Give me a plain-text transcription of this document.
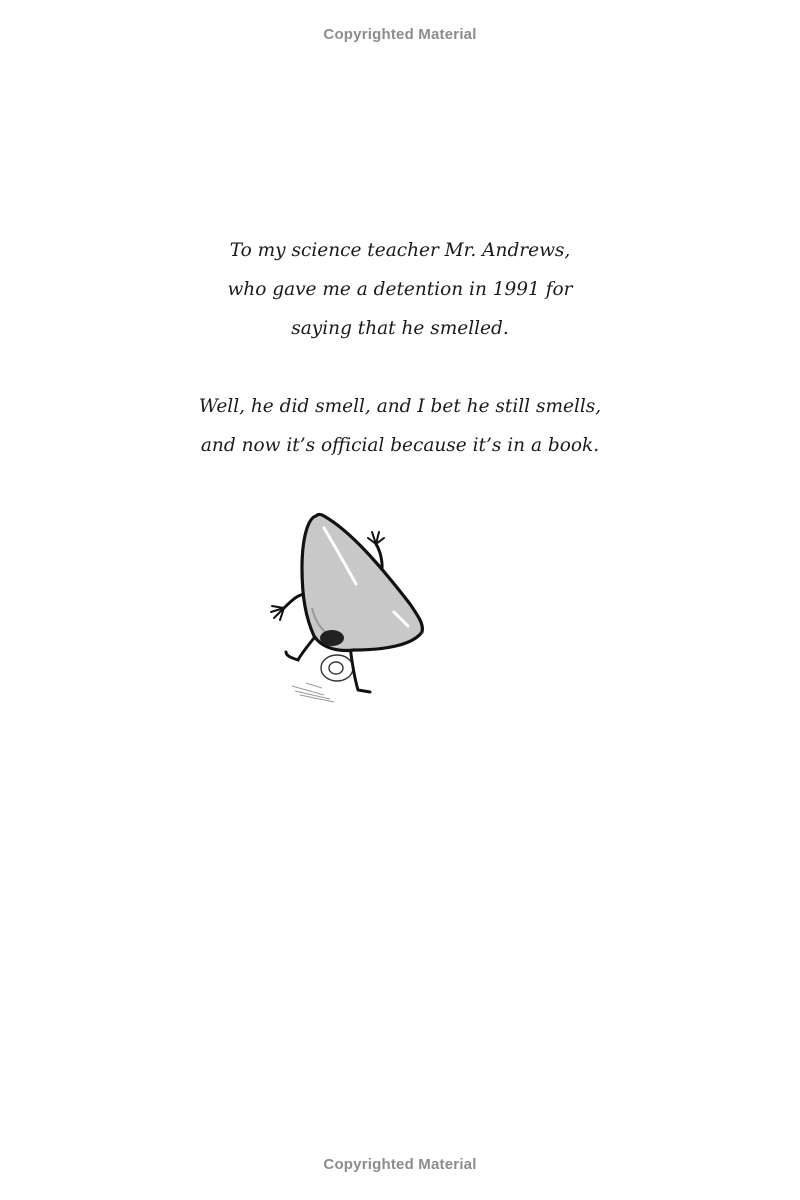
Copyrighted Material
To my science teacher Mr. Andrews,
who gave me a detention in 1991 for
saying that he smelled.
Well, he did smell, and I bet he still smells,
and now it’s official because it’s in a book.
Copyrighted Material
